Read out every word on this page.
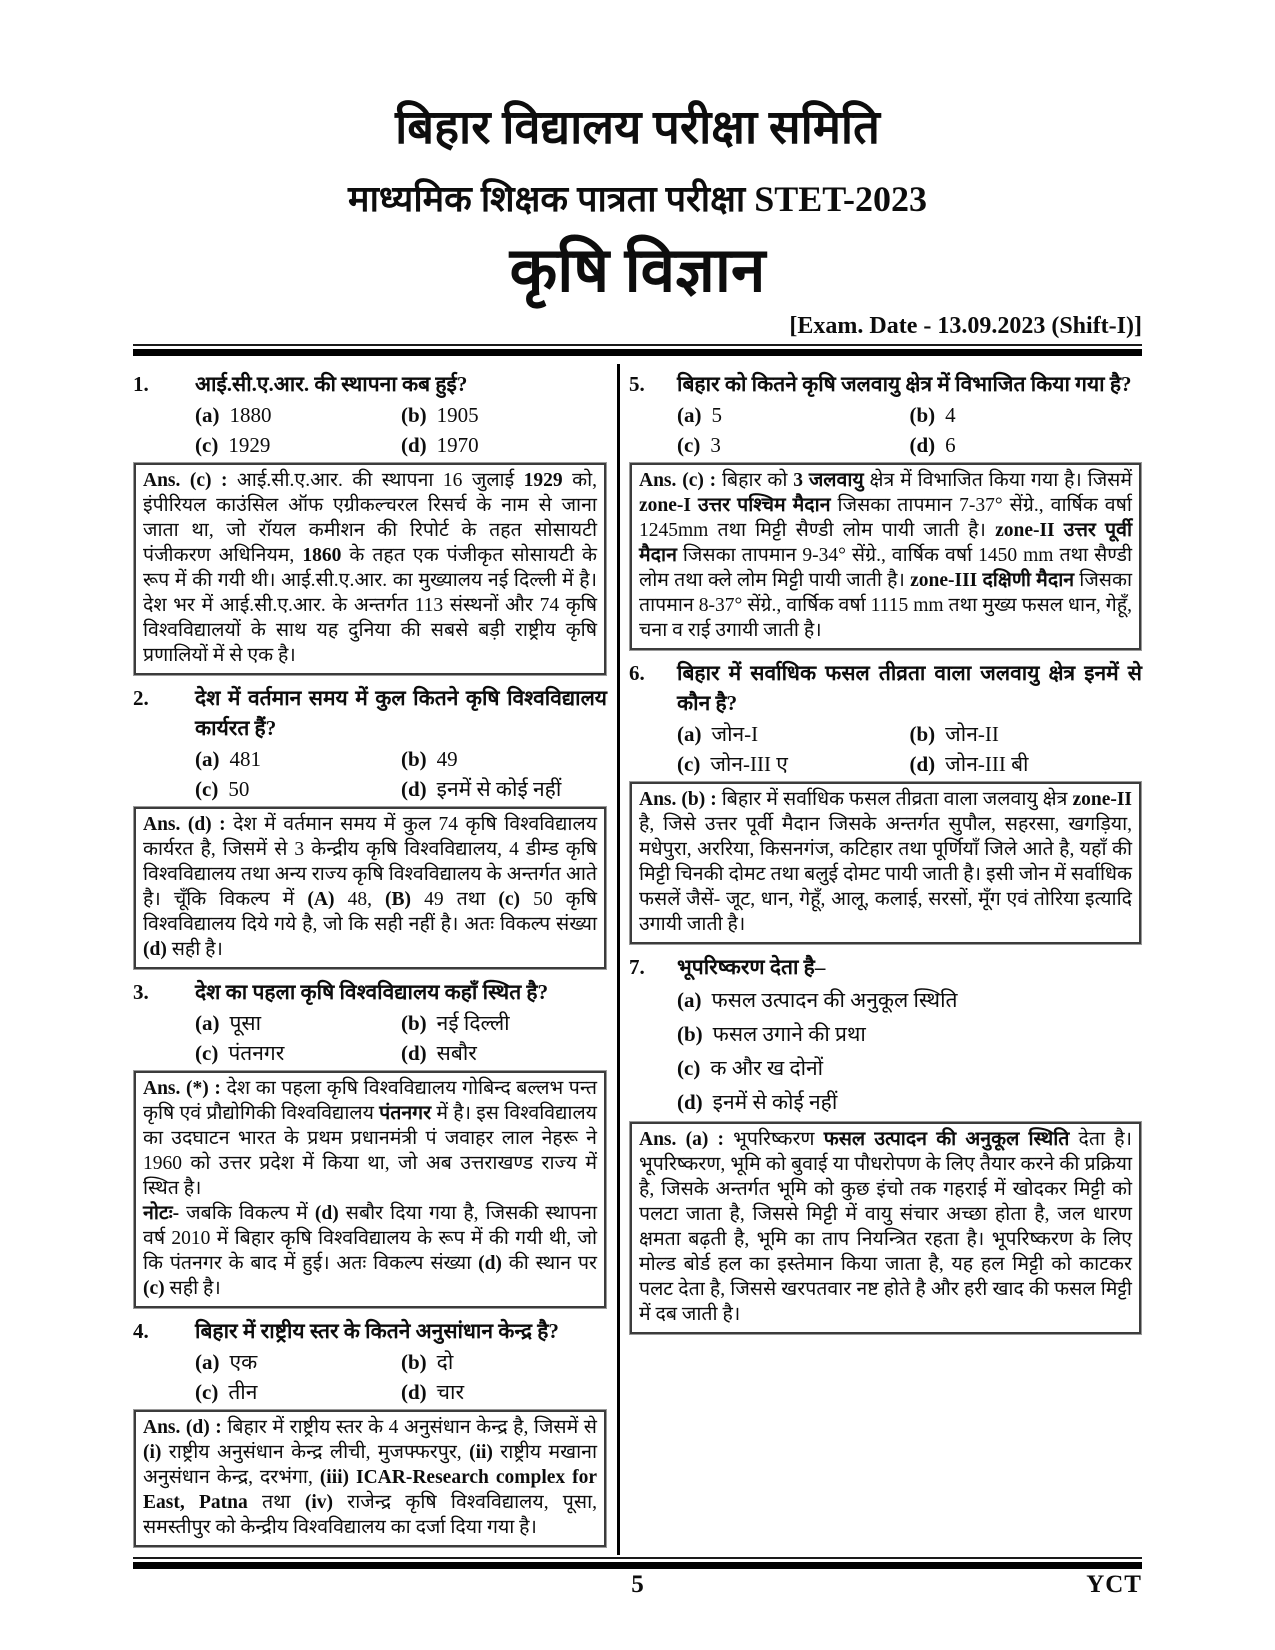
बिहार विद्यालय परीक्षा समिति
माध्यमिक शिक्षक पात्रता परीक्षा STET-2023
कृषि विज्ञान
[Exam. Date - 13.09.2023 (Shift-I)]
1.	आई.सी.ए.आर. की स्थापना कब हुई?
(a) 1880	(b) 1905
(c) 1929	(d) 1970

Ans. (c) : आई.सी.ए.आर. की स्थापना 16 जुलाई 1929 को, इंपीरियल काउंसिल ऑफ एग्रीकल्चरल रिसर्च के नाम से जाना जाता था, जो रॉयल कमीशन की रिपोर्ट के तहत सोसायटी पंजीकरण अधिनियम, 1860 के तहत एक पंजीकृत सोसायटी के रूप में की गयी थी। आई.सी.ए.आर. का मुख्यालय नई दिल्ली में है। देश भर में आई.सी.ए.आर. के अन्तर्गत 113 संस्थनों और 74 कृषि विश्वविद्यालयों के साथ यह दुनिया की सबसे बड़ी राष्ट्रीय कृषि प्रणालियों में से एक है।

2.	देश में वर्तमान समय में कुल कितने कृषि विश्वविद्यालय कार्यरत हैं?
(a) 481	(b) 49
(c) 50	(d) इनमें से कोई नहीं

Ans. (d) : देश में वर्तमान समय में कुल 74 कृषि विश्वविद्यालय कार्यरत है, जिसमें से 3 केन्द्रीय कृषि विश्वविद्यालय, 4 डीम्ड कृषि विश्वविद्यालय तथा अन्य राज्य कृषि विश्वविद्यालय के अन्तर्गत आते है। चूँकि विकल्प में (A) 48, (B) 49 तथा (c) 50 कृषि विश्वविद्यालय दिये गये है, जो कि सही नहीं है। अतः विकल्प संख्या (d) सही है।

3.	देश का पहला कृषि विश्वविद्यालय कहाँ स्थित है?
(a) पूसा	(b) नई दिल्ली
(c) पंतनगर	(d) सबौर

Ans. (*) : देश का पहला कृषि विश्वविद्यालय गोबिन्द बल्लभ पन्त कृषि एवं प्रौद्योगिकी विश्वविद्यालय पंतनगर में है। इस विश्वविद्यालय का उदघाटन भारत के प्रथम प्रधानमंत्री पं जवाहर लाल नेहरू ने 1960 को उत्तर प्रदेश में किया था, जो अब उत्तराखण्ड राज्य में स्थित है।

नोटः- जबकि विकल्प में (d) सबौर दिया गया है, जिसकी स्थापना वर्ष 2010 में बिहार कृषि विश्वविद्यालय के रूप में की गयी थी, जो कि पंतनगर के बाद में हुई। अतः विकल्प संख्या (d) की स्थान पर (c) सही है।

4.	बिहार में राष्ट्रीय स्तर के कितने अनुसांधान केन्द्र है?
(a) एक	(b) दो
(c) तीन	(d) चार

Ans. (d) : बिहार में राष्ट्रीय स्तर के 4 अनुसंधान केन्द्र है, जिसमें से (i) राष्ट्रीय अनुसंधान केन्द्र लीची, मुजफ्फरपुर, (ii) राष्ट्रीय मखाना अनुसंधान केन्द्र, दरभंगा, (iii) ICAR-Research complex for East, Patna तथा (iv) राजेन्द्र कृषि विश्वविद्यालय, पूसा, समस्तीपुर को केन्द्रीय विश्वविद्यालय का दर्जा दिया गया है।

5.	बिहार को कितने कृषि जलवायु क्षेत्र में विभाजित किया गया है?
(a) 5	(b) 4
(c) 3	(d) 6

Ans. (c) : बिहार को 3 जलवायु क्षेत्र में विभाजित किया गया है। जिसमें zone-I उत्तर पश्चिम मैदान जिसका तापमान 7-37° सेंग्रे., वार्षिक वर्षा 1245mm तथा मिट्टी सैण्डी लोम पायी जाती है। zone-II उत्तर पूर्वी मैदान जिसका तापमान 9-34° सेंग्रे., वार्षिक वर्षा 1450 mm तथा सैण्डी लोम तथा क्ले लोम मिट्टी पायी जाती है। zone-III दक्षिणी मैदान जिसका तापमान 8-37° सेंग्रे., वार्षिक वर्षा 1115 mm तथा मुख्य फसल धान, गेहूँ, चना व राई उगायी जाती है।

6.	बिहार में सर्वाधिक फसल तीव्रता वाला जलवायु क्षेत्र इनमें से कौन है?
(a) जोन-I	(b) जोन-II
(c) जोन-III ए	(d) जोन-III बी

Ans. (b) : बिहार में सर्वाधिक फसल तीव्रता वाला जलवायु क्षेत्र zone-II है, जिसे उत्तर पूर्वी मैदान जिसके अन्तर्गत सुपौल, सहरसा, खगड़िया, मधेपुरा, अररिया, किसनगंज, कटिहार तथा पूर्णियाँ जिले आते है, यहाँ की मिट्टी चिनकी दोमट तथा बलुई दोमट पायी जाती है। इसी जोन में सर्वाधिक फसलें जैसें- जूट, धान, गेहूँ, आलू, कलाई, सरसों, मूँग एवं तोरिया इत्यादि उगायी जाती है।

7.	भूपरिष्करण देता है–
(a) फसल उत्पादन की अनुकूल स्थिति
(b) फसल उगाने की प्रथा
(c) क और ख दोनों
(d) इनमें से कोई नहीं

Ans. (a) : भूपरिष्करण फसल उत्पादन की अनुकूल स्थिति देता है। भूपरिष्करण, भूमि को बुवाई या पौधरोपण के लिए तैयार करने की प्रक्रिया है, जिसके अन्तर्गत भूमि को कुछ इंचो तक गहराई में खोदकर मिट्टी को पलटा जाता है, जिससे मिट्टी में वायु संचार अच्छा होता है, जल धारण क्षमता बढ़ती है, भूमि का ताप नियन्त्रित रहता है। भूपरिष्करण के लिए मोल्ड बोर्ड हल का इस्तेमान किया जाता है, यह हल मिट्टी को काटकर पलट देता है, जिससे खरपतवार नष्ट होते है और हरी खाद की फसल मिट्टी में दब जाती है।

5	YCT
